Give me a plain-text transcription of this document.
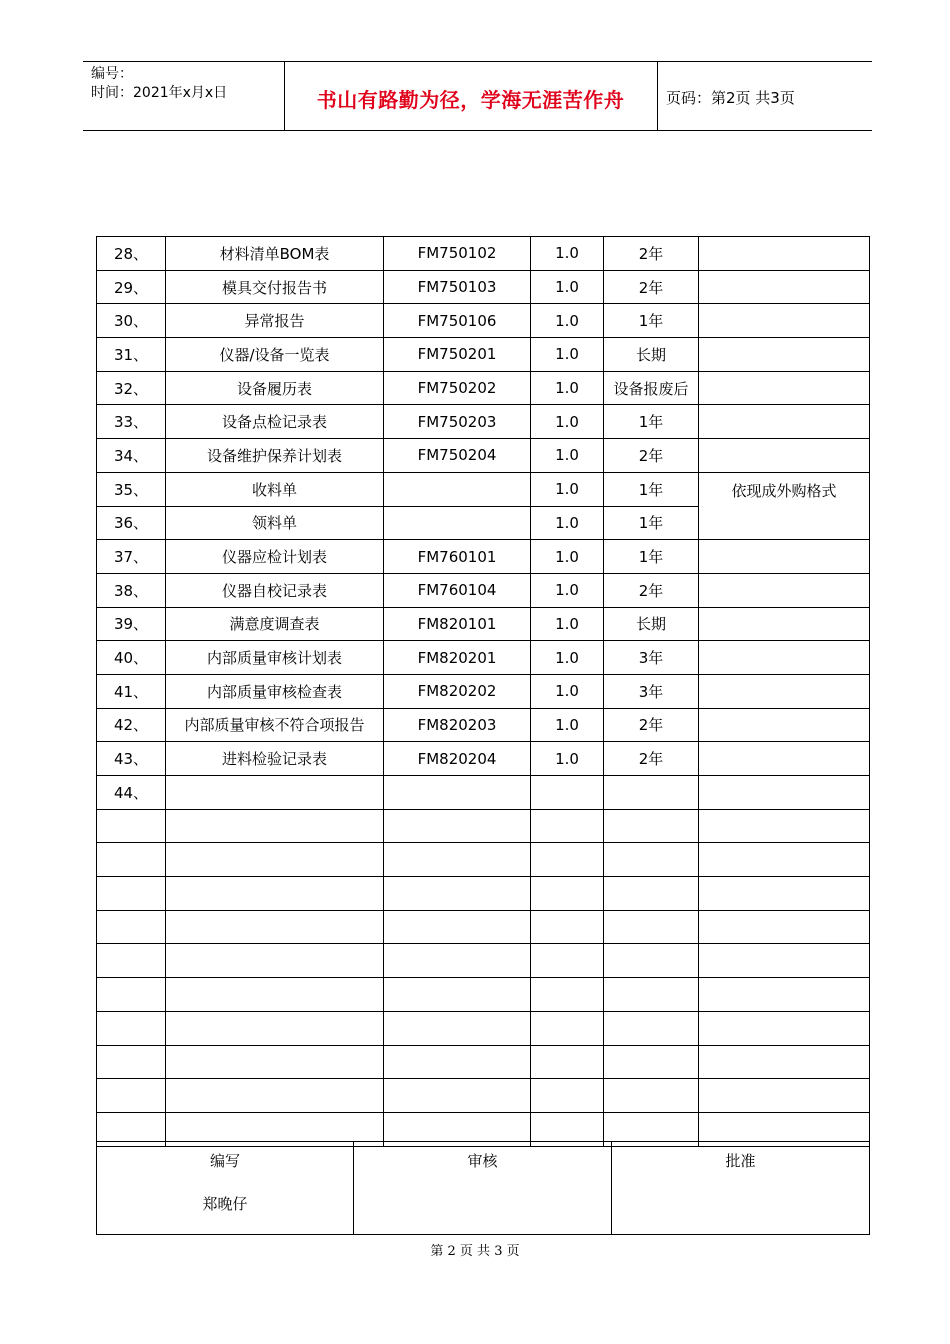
编号：
时间：2021年x月x日	书山有路勤为径，学海无涯苦作舟	页码：第2页 共3页
28、	材料清单BOM表	FM750102	1.0	2年	
29、	模具交付报告书	FM750103	1.0	2年	
30、	异常报告	FM750106	1.0	1年	
31、	仪器/设备一览表	FM750201	1.0	长期	
32、	设备履历表	FM750202	1.0	设备报废后	
33、	设备点检记录表	FM750203	1.0	1年	
34、	设备维护保养计划表	FM750204	1.0	2年	
35、	收料单		1.0	1年	依现成外购格式
36、	领料单		1.0	1年	
37、	仪器应检计划表	FM760101	1.0	1年	
38、	仪器自校记录表	FM760104	1.0	2年	
39、	满意度调查表	FM820101	1.0	长期	
40、	内部质量审核计划表	FM820201	1.0	3年	
41、	内部质量审核检查表	FM820202	1.0	3年	
42、	内部质量审核不符合项报告	FM820203	1.0	2年	
43、	进料检验记录表	FM820204	1.0	2年	
44、					

编写
郑晚仔

审核	批准
第 2 页 共 3 页
